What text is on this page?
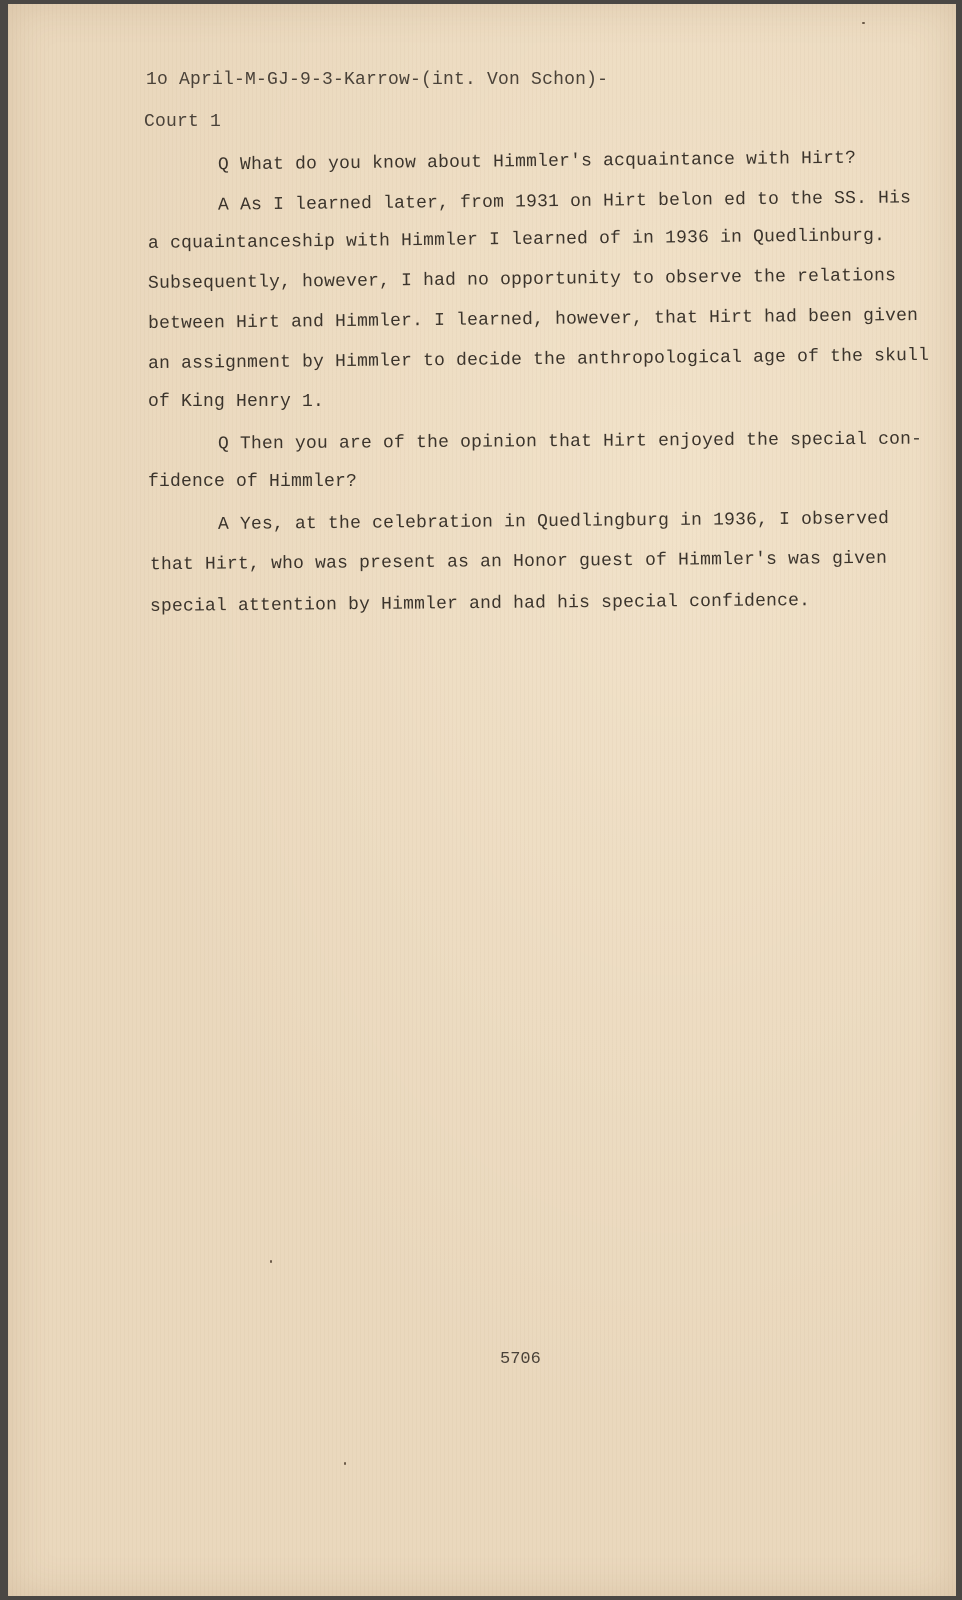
1o April-M-GJ-9-3-Karrow-(int. Von Schon)-
Court 1
Q What do you know about Himmler's acquaintance with Hirt?
A As I learned later, from 1931 on Hirt belon ed to the SS. His
a cquaintanceship with Himmler I learned of in 1936 in Quedlinburg.
Subsequently, however, I had no opportunity to observe the relations
between Hirt and Himmler. I learned, however, that Hirt had been given
an assignment by Himmler to decide the anthropological age of the skull
of King Henry 1.
Q Then you are of the opinion that Hirt enjoyed the special con-
fidence of Himmler?
A Yes, at the celebration in Quedlingburg in 1936, I observed
that Hirt, who was present as an Honor guest of Himmler's was given
special attention by Himmler and had his special confidence.
5706
